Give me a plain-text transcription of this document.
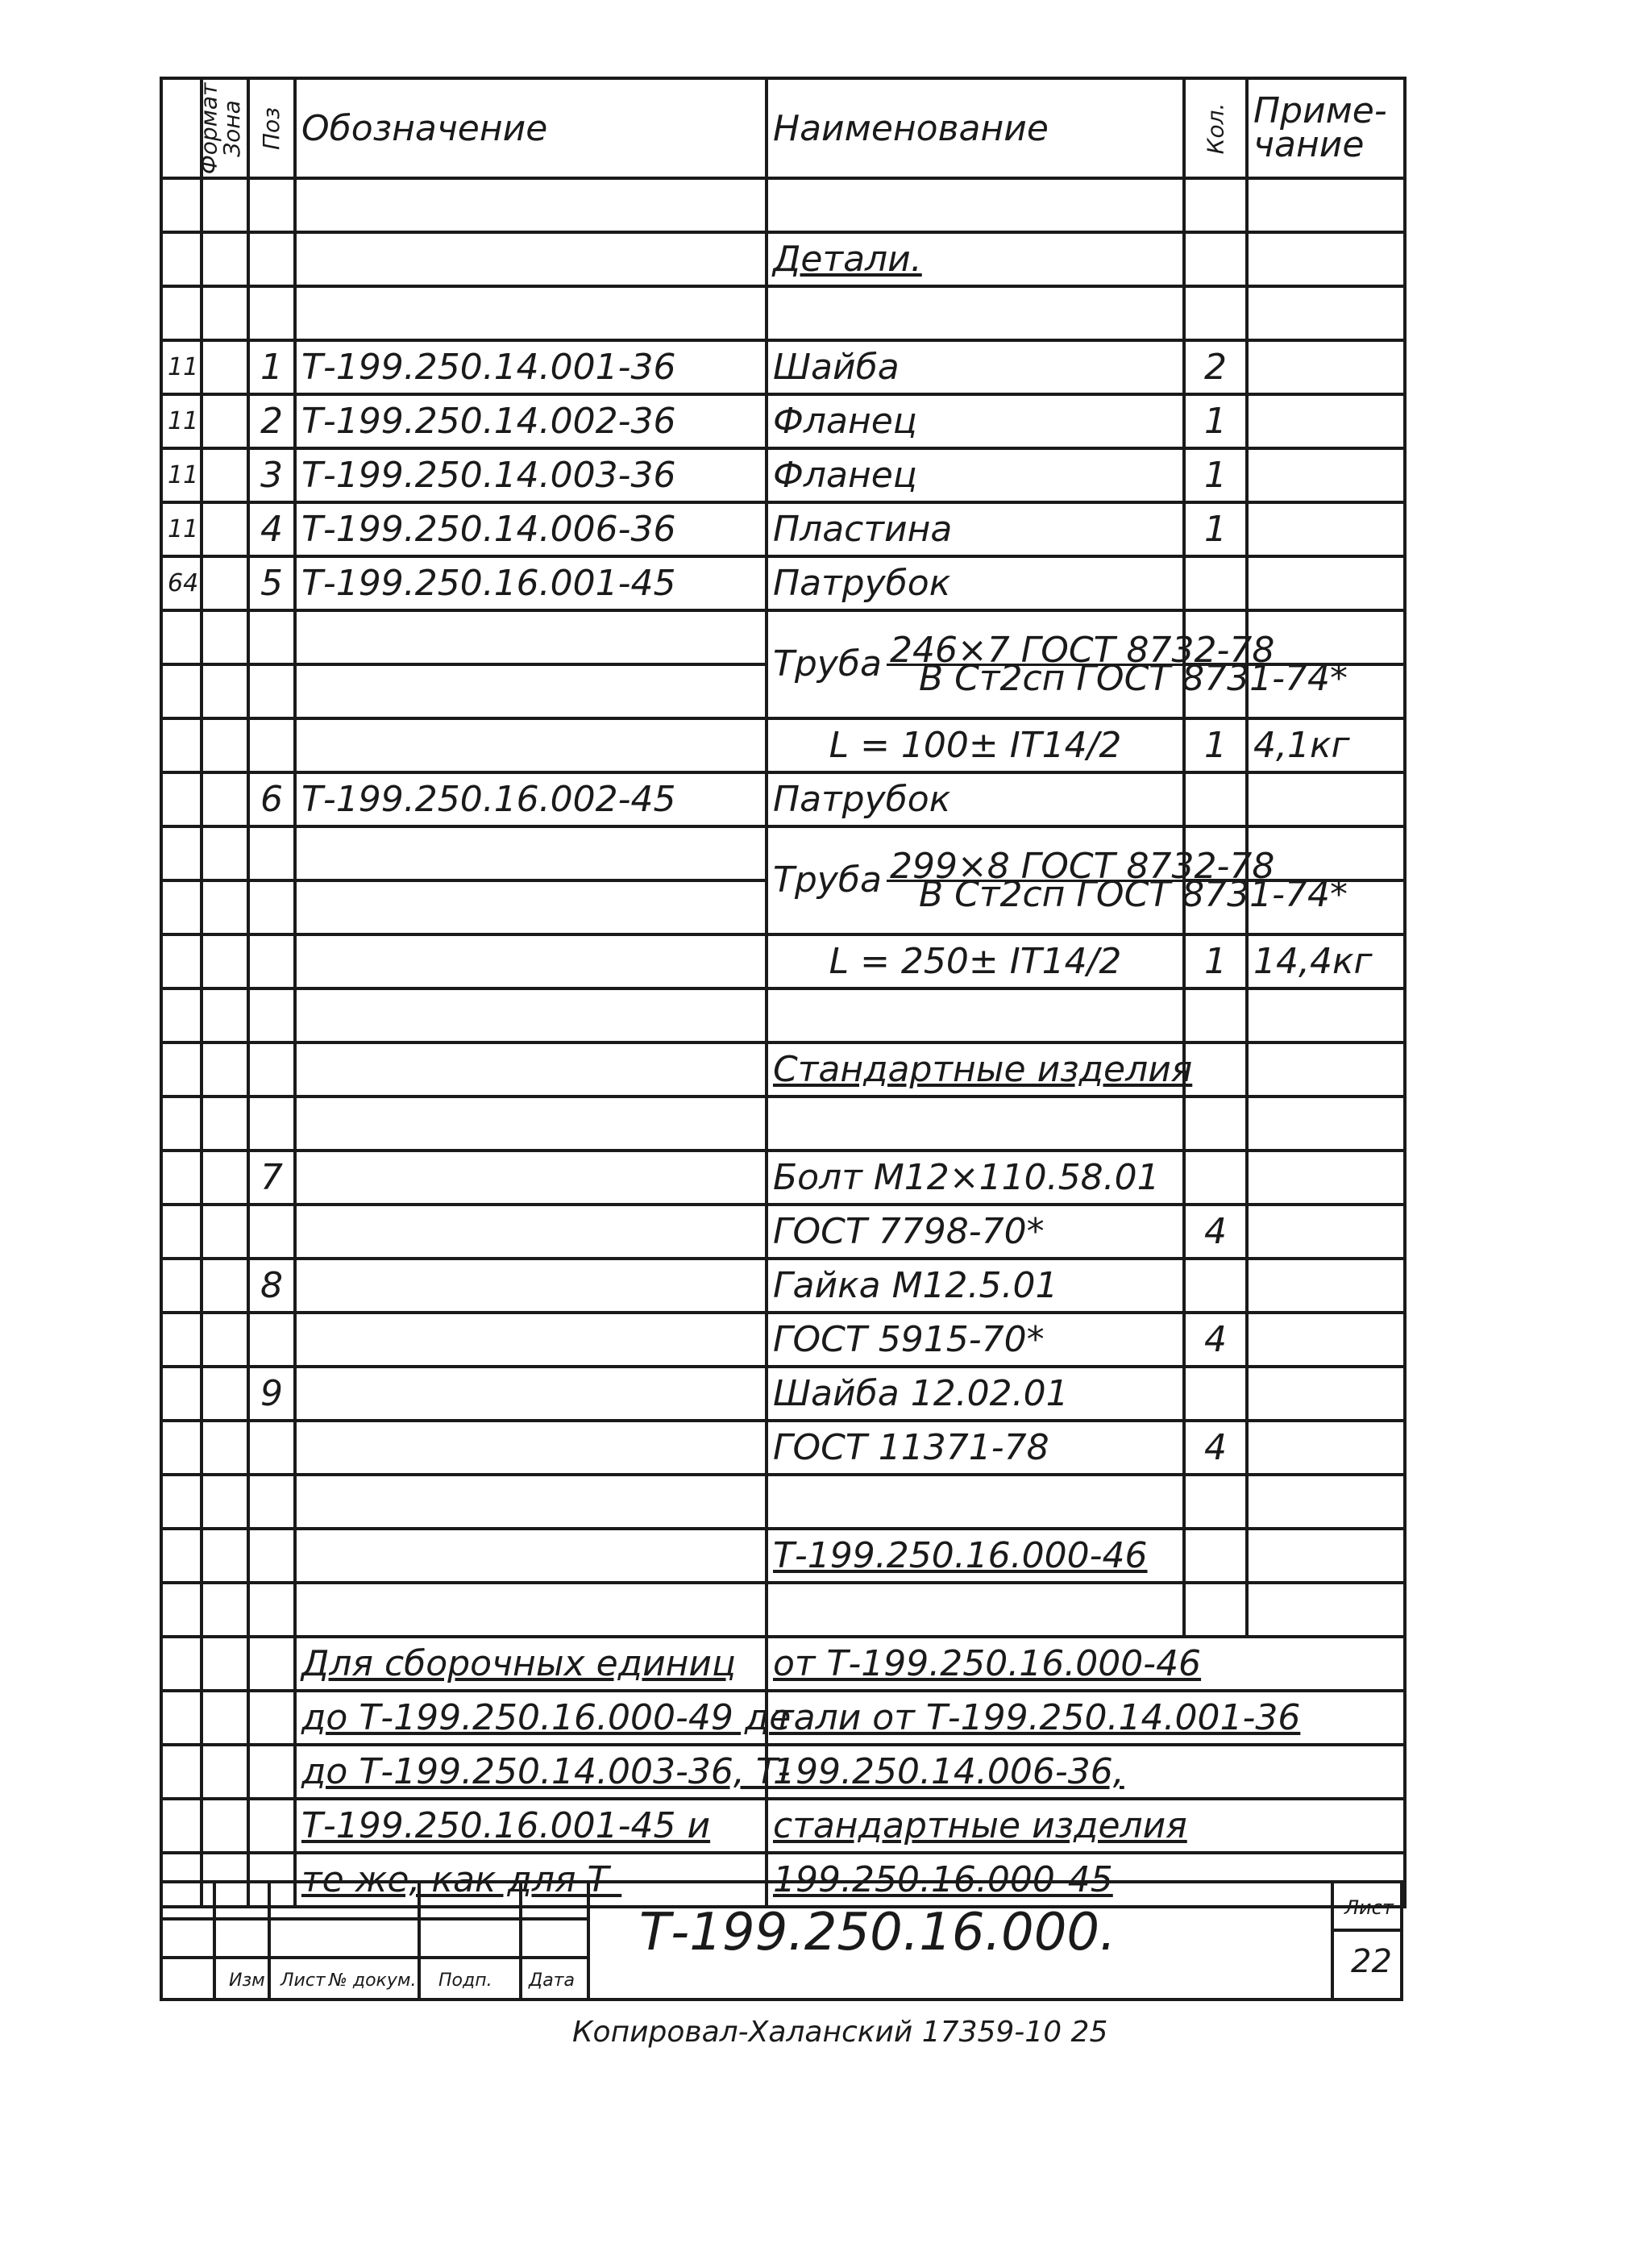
Формат	Зона	Поз	Обозначение	Наименование	Кол.	Приме-чание

				Детали.		

11		1	Т-199.250.14.001-36	Шайба	2	
11		2	Т-199.250.14.002-36	Фланец	1	
11		3	Т-199.250.14.003-36	Фланец	1	
11		4	Т-199.250.14.006-36	Пластина	1	
64		5	Т-199.250.16.001-45	Патрубок		
				Труба $\frac{\text{246×7 ГОСТ 8732-78}}{\text{В Ст2сп ГОСТ 8731-74*}}$

				L = 100± IT14/2	1	4,1кг
		6	Т-199.250.16.002-45	Патрубок		
				Труба $\frac{\text{299×8 ГОСТ 8732-78}}{\text{В Ст2сп ГОСТ 8731-74*}}$

				L = 250± IT14/2	1	14,4кг

				Стандартные изделия		

		7		Болт М12×110.58.01		
				ГОСТ 7798-70*	4	
		8		Гайка М12.5.01		
				ГОСТ 5915-70*	4	
		9		Шайба 12.02.01		
				ГОСТ 11371-78	4	

				Т-199.250.16.000-46		

			Для сборочных единиц	от Т-199.250.16.000-46		
			до Т-199.250.16.000-49 де	тали от Т-199.250.14.001-36		
			до Т-199.250.14.003-36, Т-	199.250.14.006-36,		
			Т-199.250.16.001-45 и	стандартные изделия		
			те же, как для Т-	199.250.16.000-45		
Изм Лист № докум. Подп. Дата
Т-199.250.16.000.	Лист
22
Копировал-Халанский 17359-10 25
